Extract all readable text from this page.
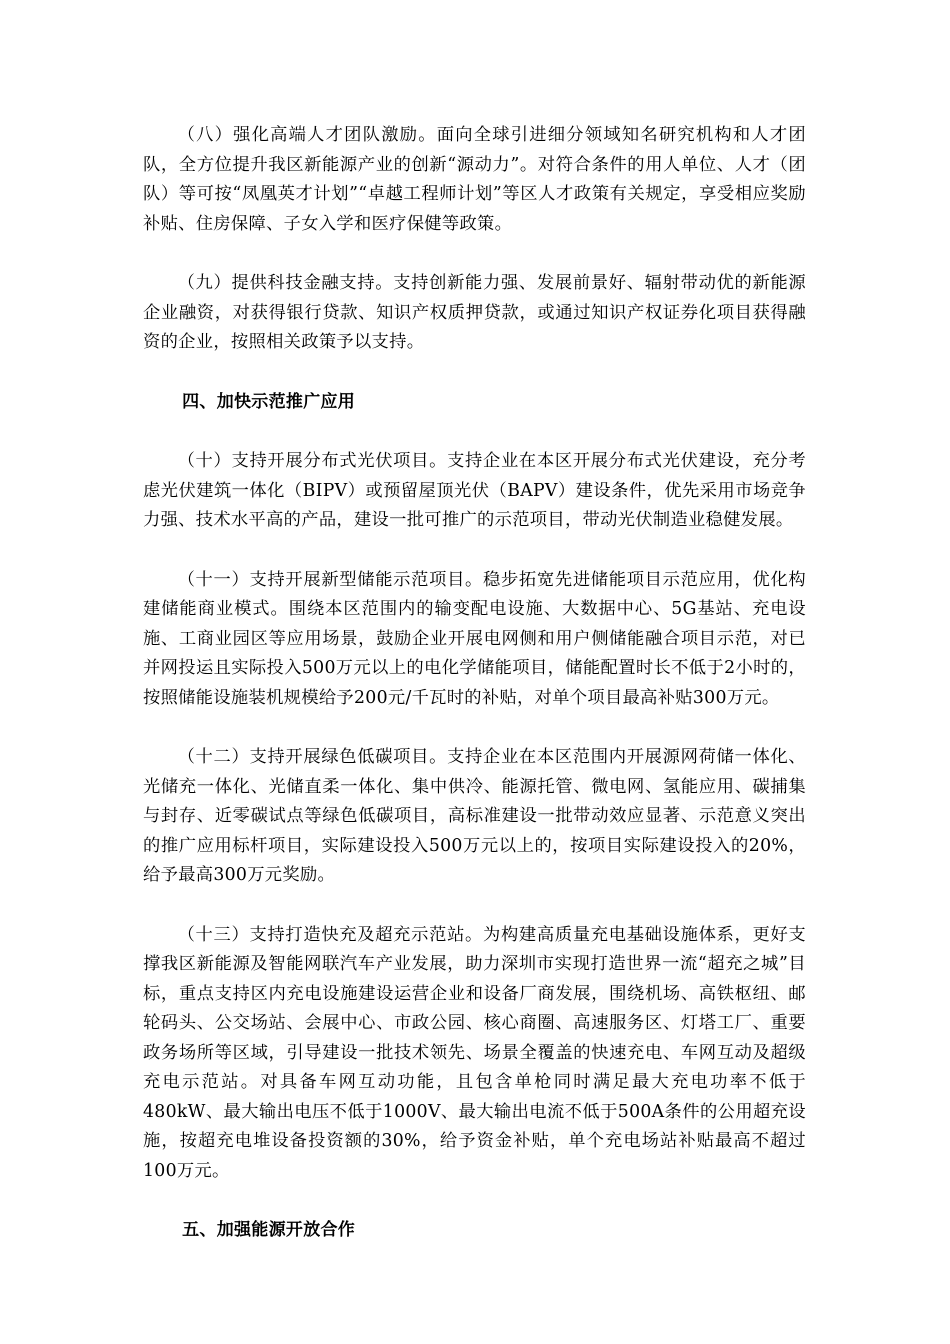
（八）强化高端人才团队激励。面向全球引进细分领域知名研究机构和人才团队，全方位提升我区新能源产业的创新“源动力”。对符合条件的用人单位、人才（团队）等可按“凤凰英才计划”“卓越工程师计划”等区人才政策有关规定，享受相应奖励补贴、住房保障、子女入学和医疗保健等政策。

（九）提供科技金融支持。支持创新能力强、发展前景好、辐射带动优的新能源企业融资，对获得银行贷款、知识产权质押贷款，或通过知识产权证券化项目获得融资的企业，按照相关政策予以支持。

四、加快示范推广应用

（十）支持开展分布式光伏项目。支持企业在本区开展分布式光伏建设，充分考虑光伏建筑一体化（BIPV）或预留屋顶光伏（BAPV）建设条件，优先采用市场竞争力强、技术水平高的产品，建设一批可推广的示范项目，带动光伏制造业稳健发展。

（十一）支持开展新型储能示范项目。稳步拓宽先进储能项目示范应用，优化构建储能商业模式。围绕本区范围内的输变配电设施、大数据中心、5G基站、充电设施、工商业园区等应用场景，鼓励企业开展电网侧和用户侧储能融合项目示范，对已并网投运且实际投入500万元以上的电化学储能项目，储能配置时长不低于2小时的，按照储能设施装机规模给予200元/千瓦时的补贴，对单个项目最高补贴300万元。

（十二）支持开展绿色低碳项目。支持企业在本区范围内开展源网荷储一体化、光储充一体化、光储直柔一体化、集中供冷、能源托管、微电网、氢能应用、碳捕集与封存、近零碳试点等绿色低碳项目，高标准建设一批带动效应显著、示范意义突出的推广应用标杆项目，实际建设投入500万元以上的，按项目实际建设投入的20%，给予最高300万元奖励。

（十三）支持打造快充及超充示范站。为构建高质量充电基础设施体系，更好支撑我区新能源及智能网联汽车产业发展，助力深圳市实现打造世界一流“超充之城”目标，重点支持区内充电设施建设运营企业和设备厂商发展，围绕机场、高铁枢纽、邮轮码头、公交场站、会展中心、市政公园、核心商圈、高速服务区、灯塔工厂、重要政务场所等区域，引导建设一批技术领先、场景全覆盖的快速充电、车网互动及超级充电示范站。对具备车网互动功能，且包含单枪同时满足最大充电功率不低于480kW、最大输出电压不低于1000V、最大输出电流不低于500A条件的公用超充设施，按超充电堆设备投资额的30%，给予资金补贴，单个充电场站补贴最高不超过100万元。

五、加强能源开放合作
